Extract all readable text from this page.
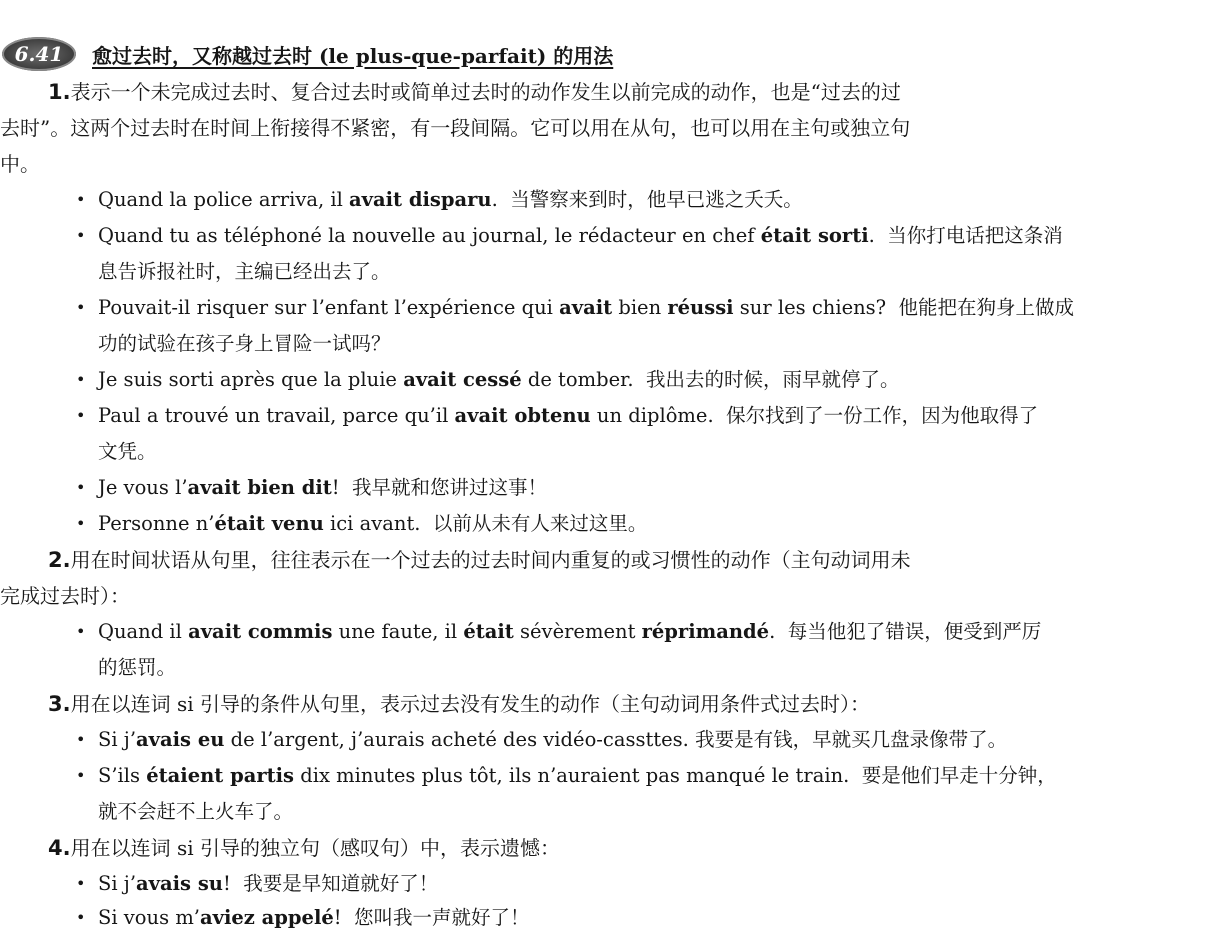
6.41	愈过去时，又称越过去时 (le plus-que-parfait) 的用法
1.表示一个未完成过去时、复合过去时或简单过去时的动作发生以前完成的动作，也是“过去的过
去时”。这两个过去时在时间上衔接得不紧密，有一段间隔。它可以用在从句，也可以用在主句或独立句
中。
• Quand la police arriva, il avait disparu. 当警察来到时，他早已逃之夭夭。
• Quand tu as téléphoné la nouvelle au journal, le rédacteur en chef était sorti. 当你打电话把这条消
息告诉报社时，主编已经出去了。
• Pouvait-il risquer sur l’enfant l’expérience qui avait bien réussi sur les chiens? 他能把在狗身上做成
功的试验在孩子身上冒险一试吗？
• Je suis sorti après que la pluie avait cessé de tomber. 我出去的时候，雨早就停了。
• Paul a trouvé un travail, parce qu’il avait obtenu un diplôme. 保尔找到了一份工作，因为他取得了
文凭。
• Je vous l’avait bien dit! 我早就和您讲过这事！
• Personne n’était venu ici avant. 以前从未有人来过这里。
2.用在时间状语从句里，往往表示在一个过去的过去时间内重复的或习惯性的动作（主句动词用未
完成过去时）：
• Quand il avait commis une faute, il était sévèrement réprimandé. 每当他犯了错误，便受到严厉
的惩罚。
3.用在以连词 si 引导的条件从句里，表示过去没有发生的动作（主句动词用条件式过去时）：
• Si j’avais eu de l’argent, j’aurais acheté des vidéo-cassttes. 我要是有钱，早就买几盘录像带了。
• S’ils étaient partis dix minutes plus tôt, ils n’auraient pas manqué le train. 要是他们早走十分钟，
就不会赶不上火车了。
4.用在以连词 si 引导的独立句（感叹句）中，表示遗憾：
• Si j’avais su! 我要是早知道就好了！
• Si vous m’aviez appelé! 您叫我一声就好了！
